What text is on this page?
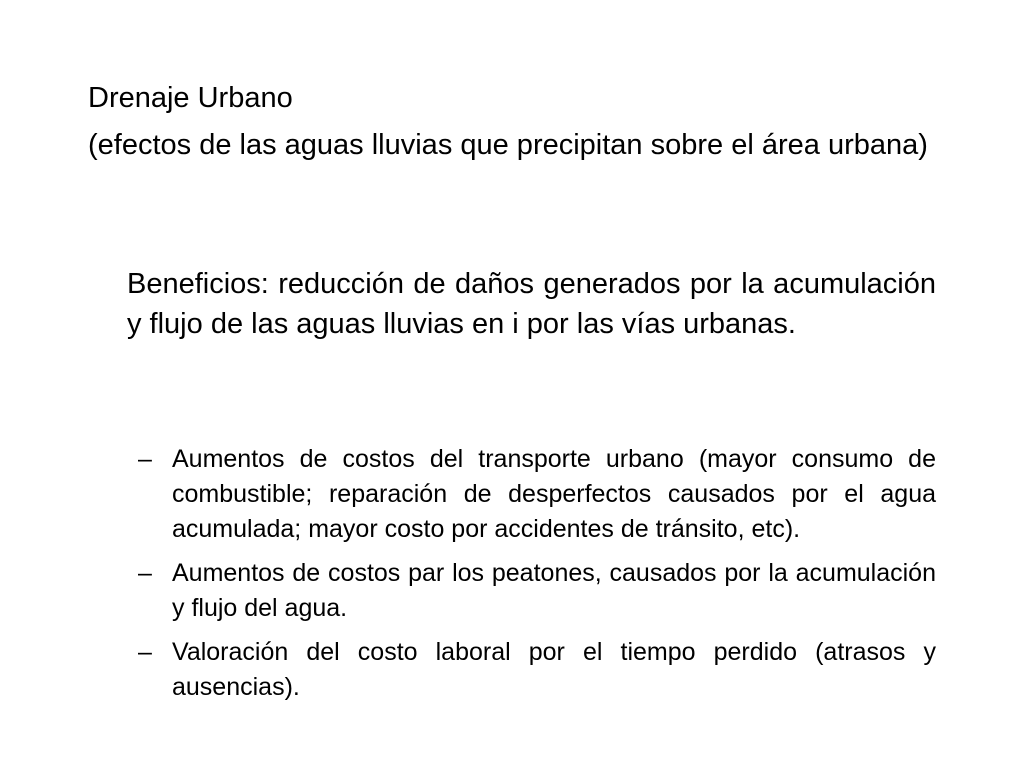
Drenaje Urbano

(efectos de las aguas lluvias que precipitan sobre el área urbana)

Beneficios: reducción de daños generados por la acumulación y flujo de las aguas lluvias en i por las vías urbanas.

– Aumentos de costos del transporte urbano (mayor consumo de combustible; reparación de desperfectos causados por el agua acumulada; mayor costo por accidentes de tránsito, etc).
– Aumentos de costos par los peatones, causados por la acumulación y flujo del agua.
– Valoración del costo laboral por el tiempo perdido (atrasos y ausencias).
